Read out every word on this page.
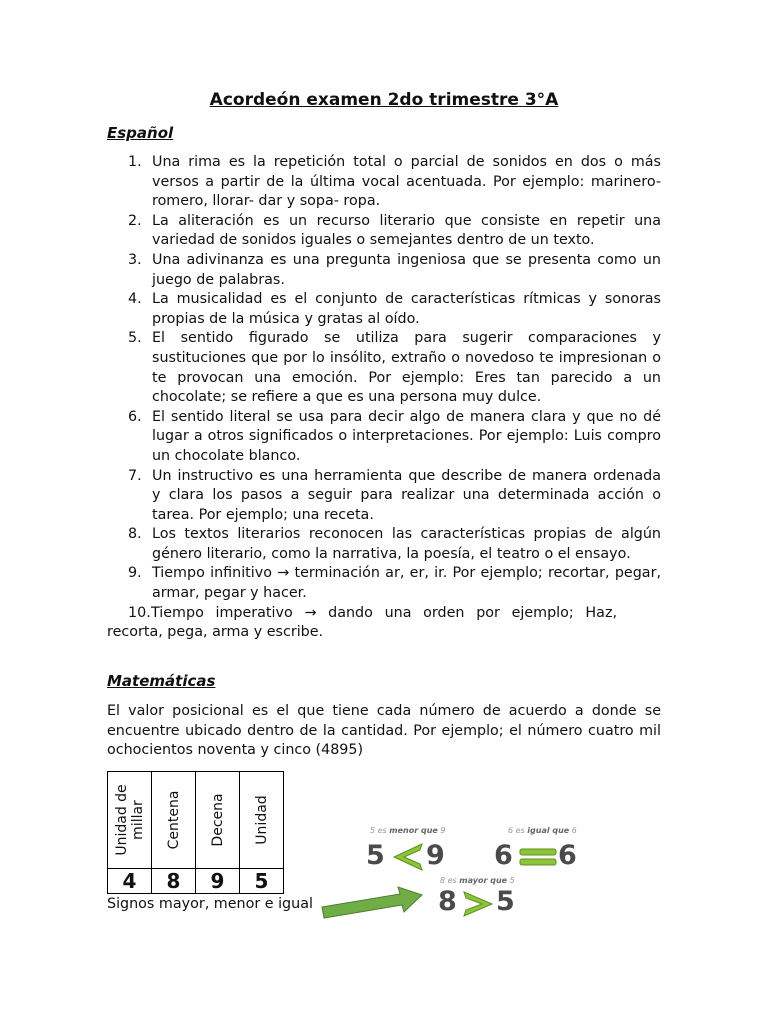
Acordeón examen 2do trimestre 3°A
Español
1. Una rima es la repetición total o parcial de sonidos en dos o más versos a partir de la última vocal acentuada. Por ejemplo: marinero- romero, llorar- dar y sopa- ropa.
2. La aliteración es un recurso literario que consiste en repetir una variedad de sonidos iguales o semejantes dentro de un texto.
3. Una adivinanza es una pregunta ingeniosa que se presenta como un juego de palabras.
4. La musicalidad es el conjunto de características rítmicas y sonoras propias de la música y gratas al oído.
5. El sentido figurado se utiliza para sugerir comparaciones y sustituciones que por lo insólito, extraño o novedoso te impresionan o te provocan una emoción. Por ejemplo: Eres tan parecido a un chocolate; se refiere a que es una persona muy dulce.
6. El sentido literal se usa para decir algo de manera clara y que no dé lugar a otros significados o interpretaciones. Por ejemplo: Luis compro un chocolate blanco.
7. Un instructivo es una herramienta que describe de manera ordenada y clara los pasos a seguir para realizar una determinada acción o tarea. Por ejemplo; una receta.
8. Los textos literarios reconocen las características propias de algún género literario, como la narrativa, la poesía, el teatro o el ensayo.
9. Tiempo infinitivo → terminación ar, er, ir. Por ejemplo; recortar, pegar, armar, pegar y hacer.
10. Tiempo imperativo → dando una orden por ejemplo; Haz, recorta, pega, arma y escribe.
Matemáticas

El valor posicional es el que tiene cada número de acuerdo a donde se encuentre ubicado dentro de la cantidad. Por ejemplo; el número cuatro mil ochocientos noventa y cinco (4895)

Unidad de millar	Centena	Decena	Unidad

4	8	9	5
Signos mayor, menor e igual
5 es menor que 9
5 9
6 es igual que 6
6 6
8 es mayor que 5
8 5
